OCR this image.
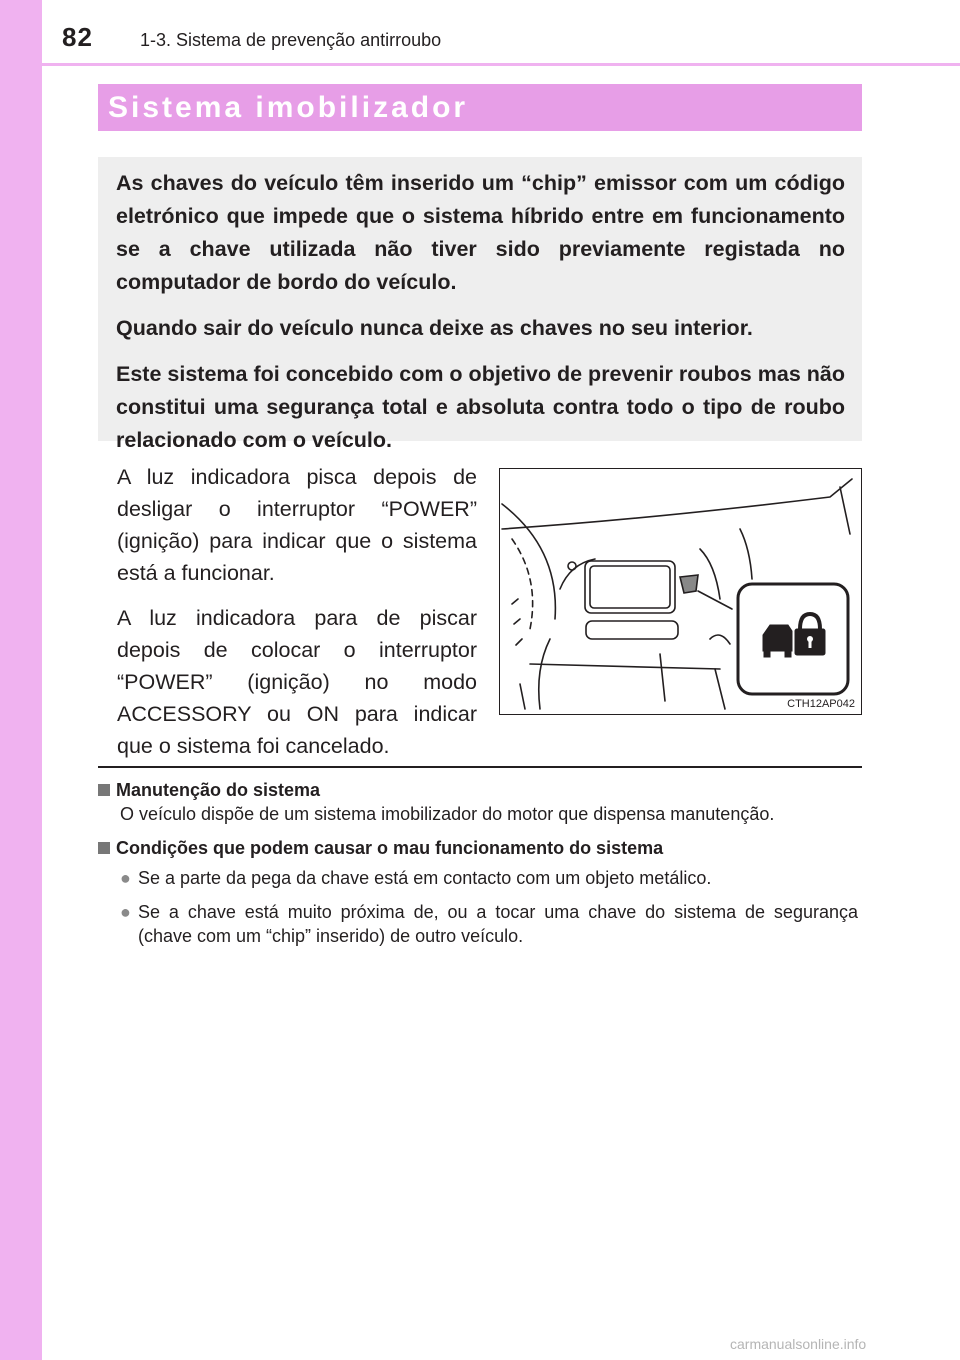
82	1-3. Sistema de prevenção antirroubo
Sistema imobilizador

As chaves do veículo têm inserido um “chip” emissor com um código eletrónico que impede que o sistema híbrido entre em funcionamento se a chave utilizada não tiver sido previamente registada no computador de bordo do veículo.

Quando sair do veículo nunca deixe as chaves no seu interior.

Este sistema foi concebido com o objetivo de prevenir roubos mas não constitui uma segurança total e absoluta contra todo o tipo de roubo relacionado com o veículo.

A luz indicadora pisca depois de desligar o interruptor “POWER” (ignição) para indicar que o sistema está a funcionar.

A luz indicadora para de piscar depois de colocar o interruptor “POWER” (ignição) no modo ACCESSORY ou ON para indicar que o sistema foi cancelado.

CTH12AP042

Manutenção do sistema

O veículo dispõe de um sistema imobilizador do motor que dispensa manutenção.

Condições que podem causar o mau funcionamento do sistema

● Se a parte da pega da chave está em contacto com um objeto metálico.
● Se a chave está muito próxima de, ou a tocar uma chave do sistema de segurança (chave com um “chip” inserido) de outro veículo.
carmanualsonline.info
